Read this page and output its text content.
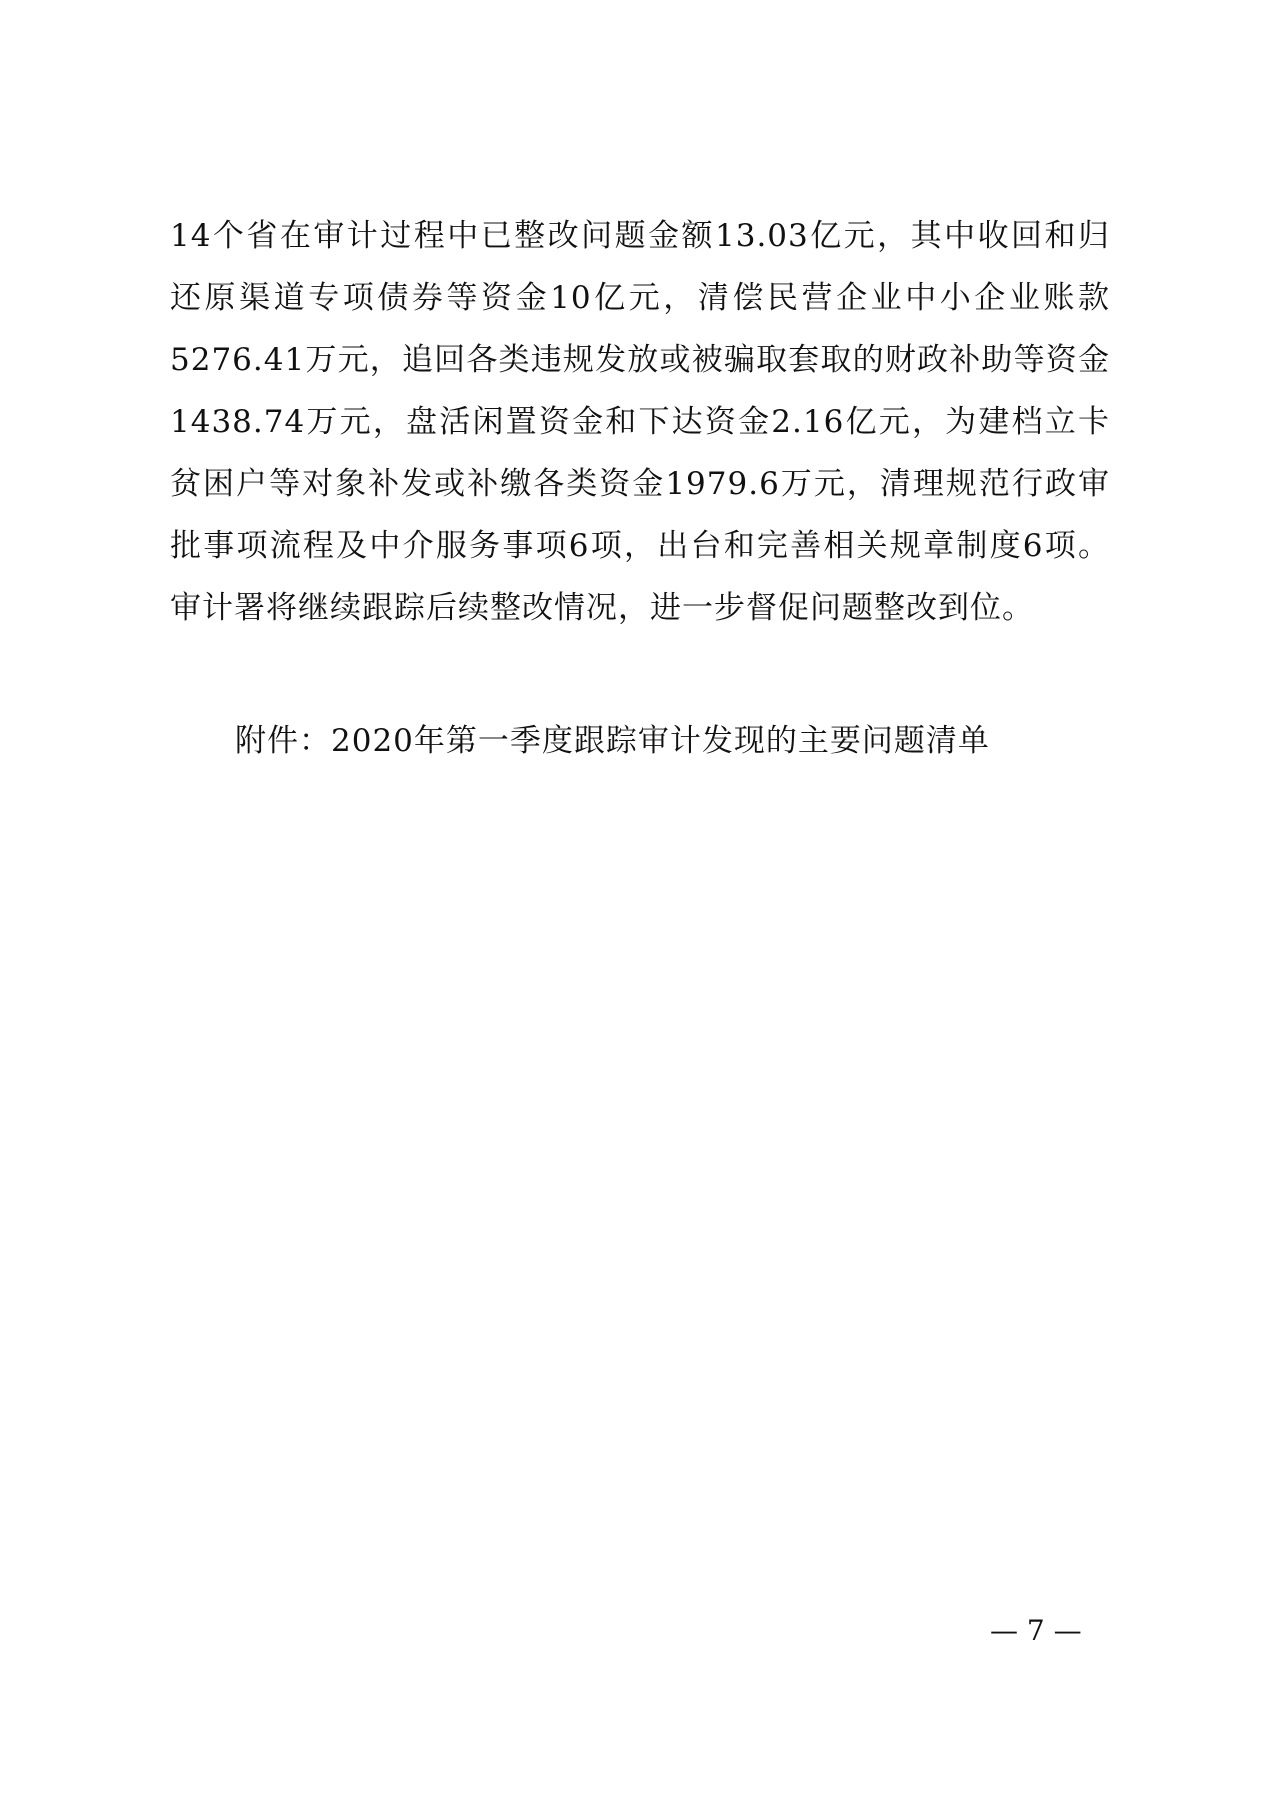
14个省在审计过程中已整改问题金额13.03亿元，其中收回和归
还原渠道专项债券等资金10亿元，清偿民营企业中小企业账款
5276.41万元，追回各类违规发放或被骗取套取的财政补助等资金
1438.74万元，盘活闲置资金和下达资金2.16亿元，为建档立卡
贫困户等对象补发或补缴各类资金1979.6万元，清理规范行政审
批事项流程及中介服务事项6项，出台和完善相关规章制度6项。
审计署将继续跟踪后续整改情况，进一步督促问题整改到位。

附件：2020年第一季度跟踪审计发现的主要问题清单

— 7 —
